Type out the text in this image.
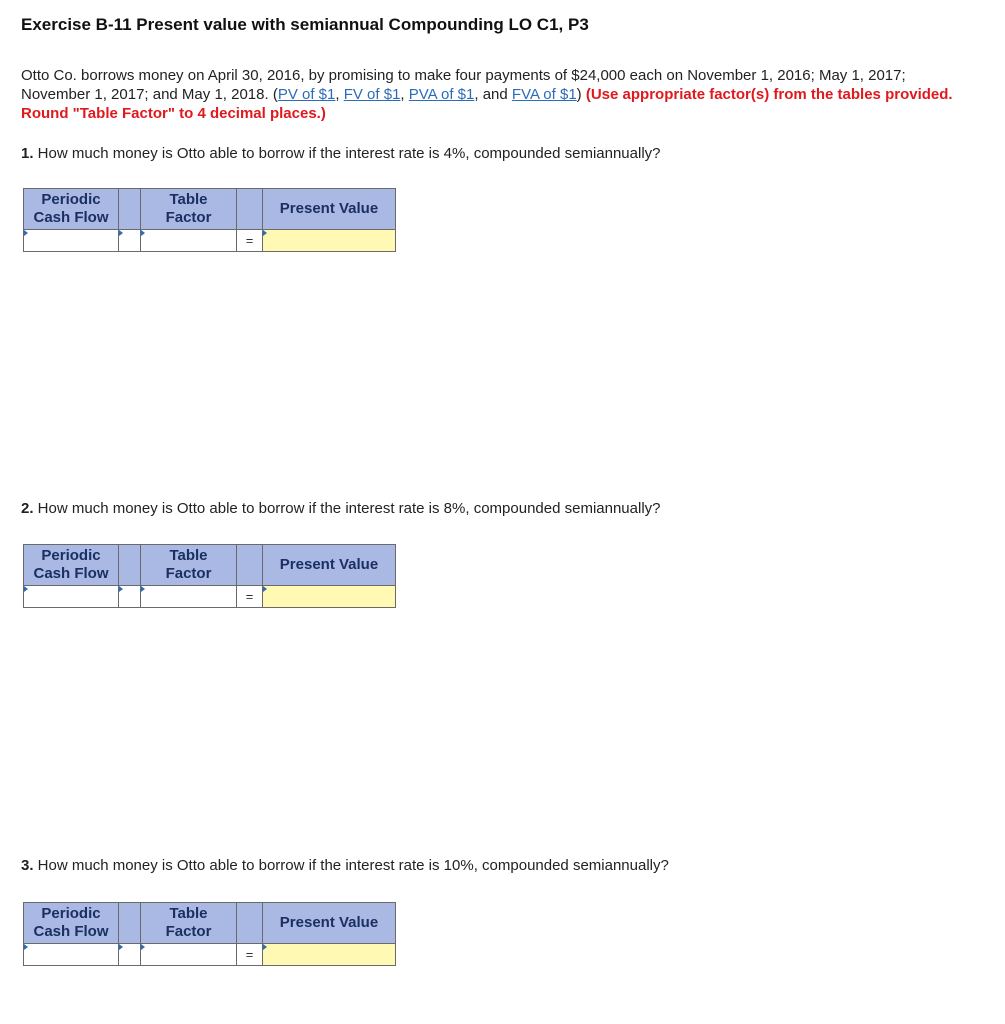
Exercise B-11 Present value with semiannual Compounding LO C1, P3
Otto Co. borrows money on April 30, 2016, by promising to make four payments of $24,000 each on November 1, 2016; May 1, 2017; November 1, 2017; and May 1, 2018. (PV of $1, FV of $1, PVA of $1, and FVA of $1) (Use appropriate factor(s) from the tables provided. Round "Table Factor" to 4 decimal places.)
1. How much money is Otto able to borrow if the interest rate is 4%, compounded semiannually?
Periodic
Cash Flow
Table
Factor
Present Value
=
2. How much money is Otto able to borrow if the interest rate is 8%, compounded semiannually?
Periodic
Cash Flow
Table
Factor
Present Value
=
3. How much money is Otto able to borrow if the interest rate is 10%, compounded semiannually?
Periodic
Cash Flow
Table
Factor
Present Value
=
